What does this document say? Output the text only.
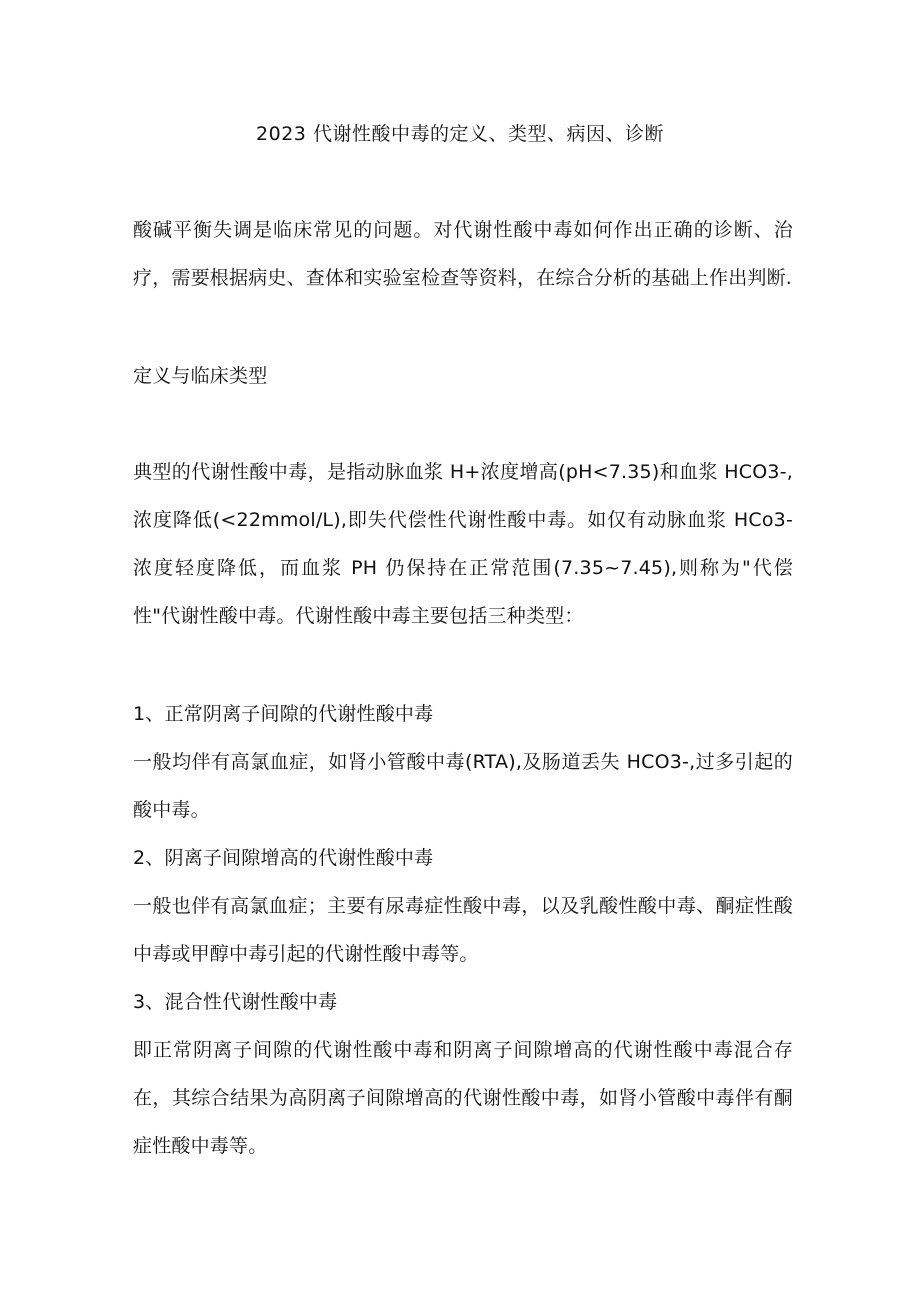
2023 代谢性酸中毒的定义、类型、病因、诊断

酸碱平衡失调是临床常见的问题。对代谢性酸中毒如何作出正确的诊断、治疗，需要根据病史、查体和实验室检查等资料，在综合分析的基础上作出判断.

定义与临床类型

典型的代谢性酸中毒，是指动脉血浆 H+浓度增高(pH<7.35)和血浆 HCO3-,浓度降低(<22mmol/L),即失代偿性代谢性酸中毒。如仅有动脉血浆 HCo3-浓度轻度降低，而血浆 PH 仍保持在正常范围(7.35~7.45),则称为"代偿性"代谢性酸中毒。代谢性酸中毒主要包括三种类型：

1、正常阴离子间隙的代谢性酸中毒

一般均伴有高氯血症，如肾小管酸中毒(RTA),及肠道丢失 HCO3-,过多引起的酸中毒。

2、阴离子间隙增高的代谢性酸中毒

一般也伴有高氯血症；主要有尿毒症性酸中毒，以及乳酸性酸中毒、酮症性酸中毒或甲醇中毒引起的代谢性酸中毒等。

3、混合性代谢性酸中毒

即正常阴离子间隙的代谢性酸中毒和阴离子间隙增高的代谢性酸中毒混合存在，其综合结果为高阴离子间隙增高的代谢性酸中毒，如肾小管酸中毒伴有酮症性酸中毒等。
